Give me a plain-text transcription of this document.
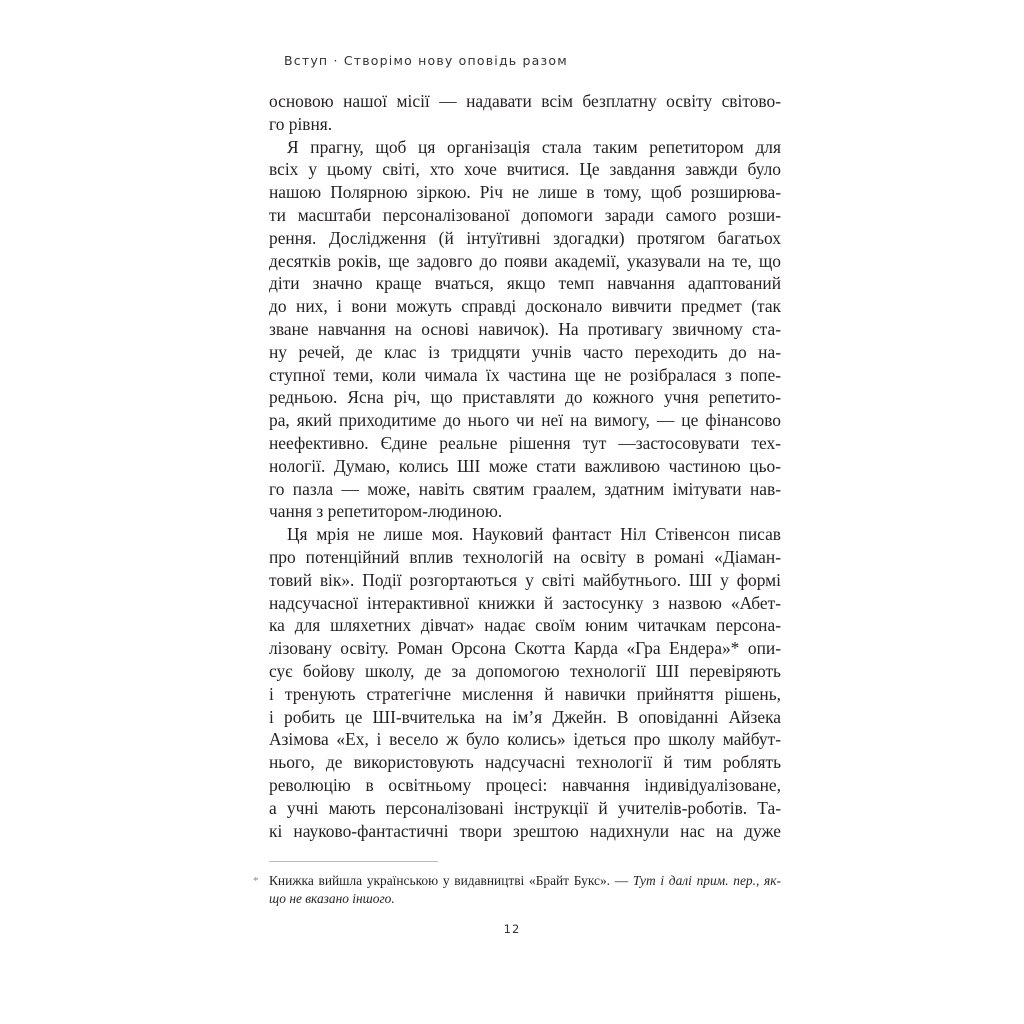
Вступ · Створімо нову оповідь разом
основою нашої місії — надавати всім безплатну освіту світово-
го рівня.
Я прагну, щоб ця організація стала таким репетитором для
всіх у цьому світі, хто хоче вчитися. Це завдання завжди було
нашою Полярною зіркою. Річ не лише в тому, щоб розширюва-
ти масштаби персоналізованої допомоги заради самого розши-
рення. Дослідження (й інтуїтивні здогадки) протягом багатьох
десятків років, ще задовго до появи академії, указували на те, що
діти значно краще вчаться, якщо темп навчання адаптований
до них, і вони можуть справді досконало вивчити предмет (так
зване навчання на основі навичок). На противагу звичному ста-
ну речей, де клас із тридцяти учнів часто переходить до на-
ступної теми, коли чимала їх частина ще не розібралася з попе-
редньою. Ясна річ, що приставляти до кожного учня репетито-
ра, який приходитиме до нього чи неї на вимогу, — це фінансово
неефективно. Єдине реальне рішення тут —застосовувати тех-
нології. Думаю, колись ШІ може стати важливою частиною цьо-
го пазла — може, навіть святим граалем, здатним імітувати нав-
чання з репетитором-людиною.
Ця мрія не лише моя. Науковий фантаст Ніл Стівенсон писав
про потенційний вплив технологій на освіту в романі «Діаман-
товий вік». Події розгортаються у світі майбутнього. ШІ у формі
надсучасної інтерактивної книжки й застосунку з назвою «Абет-
ка для шляхетних дівчат» надає своїм юним читачкам персона-
лізовану освіту. Роман Орсона Скотта Карда «Гра Ендера»* опи-
сує бойову школу, де за допомогою технології ШІ перевіряють
і тренують стратегічне мислення й навички прийняття рішень,
і робить це ШІ-вчителька на ім’я Джейн. В оповіданні Айзека
Азімова «Ех, і весело ж було колись» ідеться про школу майбут-
нього, де використовують надсучасні технології й тим роблять
революцію в освітньому процесі: навчання індивідуалізоване,
а учні мають персоналізовані інструкції й учителів-роботів. Та-
кі науково-фантастичні твори зрештою надихнули нас на дуже
* Книжка вийшла українською у видавництві «Брайт Букс». — Тут і далі прим. пер., як-
що не вказано іншого.
12
